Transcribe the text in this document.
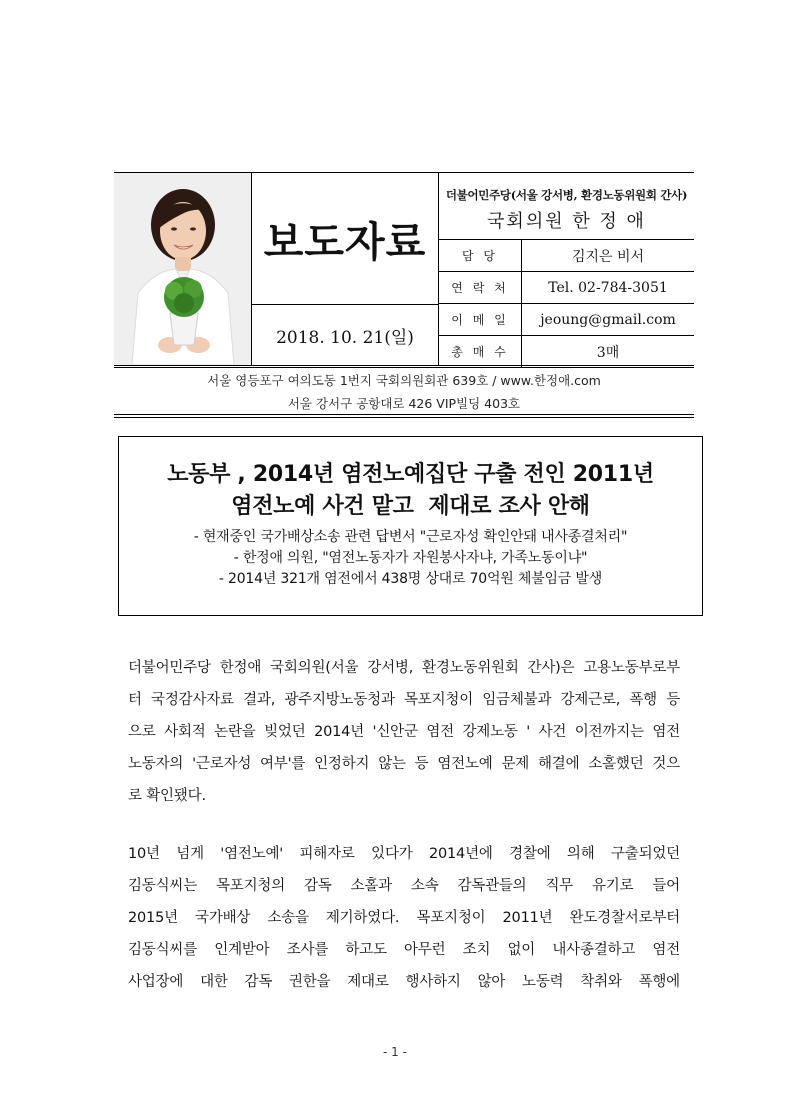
보도자료
2018. 10. 21(일)
더불어민주당(서울 강서병, 환경노동위원회 간사)
국회의원 한 정 애
담 당	김지은 비서
연 락 처	Tel. 02-784-3051
이 메 일	jeoung@gmail.com
총 매 수	3매
서울 영등포구 여의도동 1번지 국회의원회관 639호 / www.한정애.com
서울 강서구 공항대로 426 VIP빌딩 403호
노동부 , 2014년 염전노예집단 구출 전인 2011년
염전노예 사건 맡고  제대로 조사 안해
- 현재중인 국가배상소송 관련 답변서 "근로자성 확인안돼 내사종결처리"
- 한정애 의원, "염전노동자가 자원봉사자냐, 가족노동이냐"
- 2014년 321개 염전에서 438명 상대로 70억원 체불임금 발생
더불어민주당 한정애 국회의원(서울 강서병, 환경노동위원회 간사)은 고용노동부로부
터 국정감사자료 결과, 광주지방노동청과 목포지청이 임금체불과 강제근로, 폭행 등
으로 사회적 논란을 빚었던 2014년 '신안군 염전 강제노동 ' 사건 이전까지는 염전
노동자의 '근로자성 여부'를 인정하지 않는 등 염전노예 문제 해결에 소홀했던 것으
로 확인됐다.
10년 넘게 '염전노예' 피해자로 있다가 2014년에 경찰에 의해 구출되었던
김동식씨는 목포지청의 감독 소홀과 소속 감독관들의 직무 유기로 들어
2015년 국가배상 소송을 제기하였다. 목포지청이 2011년 완도경찰서로부터
김동식씨를 인계받아 조사를 하고도 아무런 조치 없이 내사종결하고 염전
사업장에 대한 감독 권한을 제대로 행사하지 않아 노동력 착취와 폭행에
- 1 -
